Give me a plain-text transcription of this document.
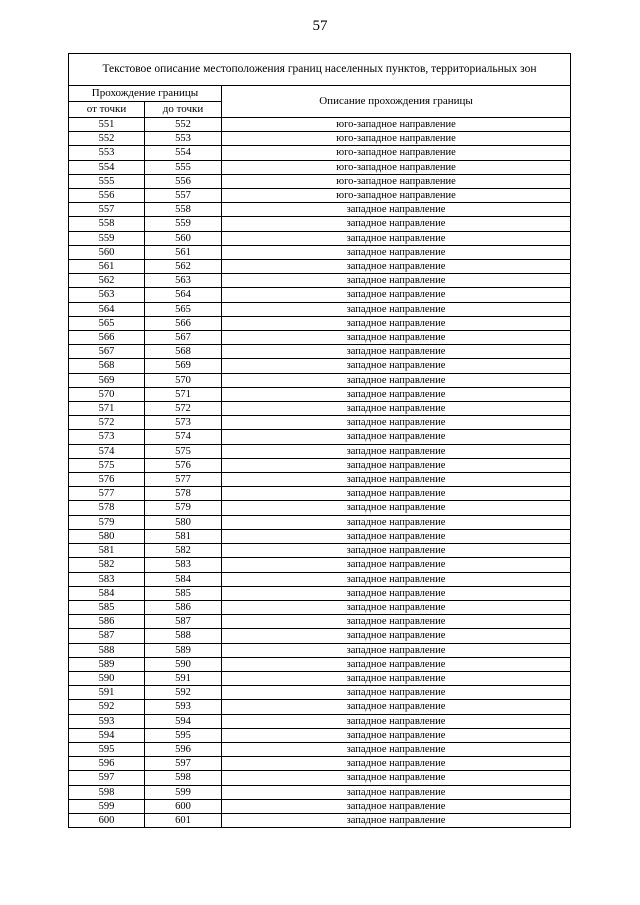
57
Текстовое описание местоположения границ населенных пунктов, территориальных зон		
Прохождение границы		Описание прохождения границы
от точки	до точки	
551	552	юго-западное направление
552	553	юго-западное направление
553	554	юго-западное направление
554	555	юго-западное направление
555	556	юго-западное направление
556	557	юго-западное направление
557	558	западное направление
558	559	западное направление
559	560	западное направление
560	561	западное направление
561	562	западное направление
562	563	западное направление
563	564	западное направление
564	565	западное направление
565	566	западное направление
566	567	западное направление
567	568	западное направление
568	569	западное направление
569	570	западное направление
570	571	западное направление
571	572	западное направление
572	573	западное направление
573	574	западное направление
574	575	западное направление
575	576	западное направление
576	577	западное направление
577	578	западное направление
578	579	западное направление
579	580	западное направление
580	581	западное направление
581	582	западное направление
582	583	западное направление
583	584	западное направление
584	585	западное направление
585	586	западное направление
586	587	западное направление
587	588	западное направление
588	589	западное направление
589	590	западное направление
590	591	западное направление
591	592	западное направление
592	593	западное направление
593	594	западное направление
594	595	западное направление
595	596	западное направление
596	597	западное направление
597	598	западное направление
598	599	западное направление
599	600	западное направление
600	601	западное направление
